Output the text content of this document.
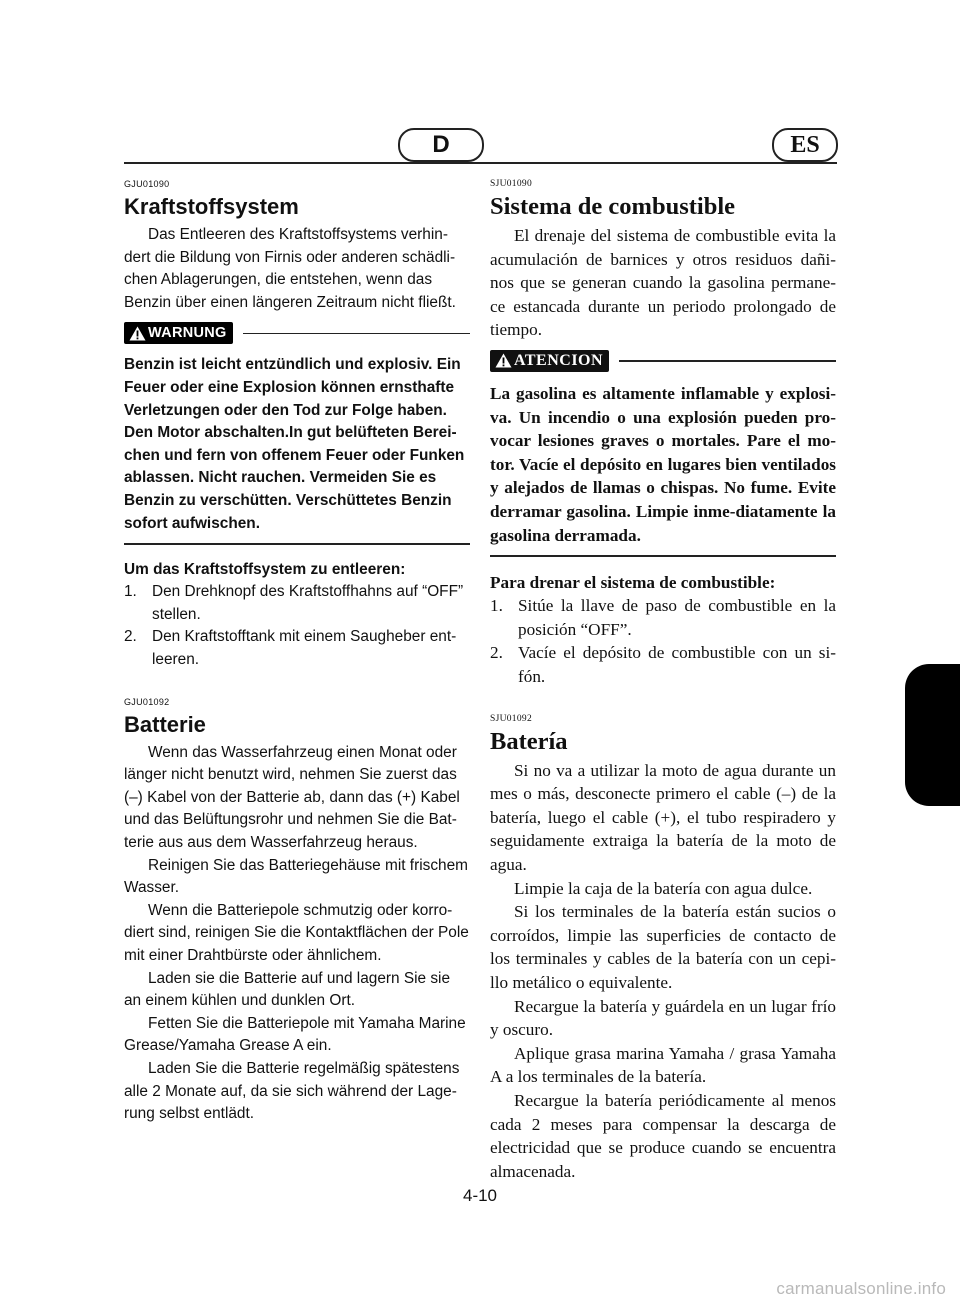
D	ES

GJU01090

Kraftstoffsystem

Das Entleeren des Kraftstoffsystems verhin-dert die Bildung von Firnis oder anderen schädli-chen Ablagerungen, die entstehen, wenn das Benzin über einen längeren Zeitraum nicht fließt.

WARNUNG

Benzin ist leicht entzündlich und explosiv. Ein Feuer oder eine Explosion können ernsthafte Verletzungen oder den Tod zur Folge haben. Den Motor abschalten.In gut belüfteten Berei-chen und fern von offenem Feuer oder Funken ablassen. Nicht rauchen. Vermeiden Sie es Benzin zu verschütten. Verschüttetes Benzin sofort aufwischen.

Um das Kraftstoffsystem zu entleeren:

1. Den Drehknopf des Kraftstoffhahns auf “OFF” stellen.
2. Den Kraftstofftank mit einem Saugheber ent-leeren.

GJU01092

Batterie

Wenn das Wasserfahrzeug einen Monat oder länger nicht benutzt wird, nehmen Sie zuerst das (–) Kabel von der Batterie ab, dann das (+) Kabel und das Belüftungsrohr und nehmen Sie die Bat-terie aus aus dem Wasserfahrzeug heraus.

Reinigen Sie das Batteriegehäuse mit frischem Wasser.

Wenn die Batteriepole schmutzig oder korro-diert sind, reinigen Sie die Kontaktflächen der Pole mit einer Drahtbürste oder ähnlichem.

Laden sie die Batterie auf und lagern Sie sie an einem kühlen und dunklen Ort.

Fetten Sie die Batteriepole mit Yamaha Marine Grease/Yamaha Grease A ein.

Laden Sie die Batterie regelmäßig spätestens alle 2 Monate auf, da sie sich während der Lage-rung selbst entlädt.

SJU01090

Sistema de combustible

El drenaje del sistema de combustible evita la acumulación de barnices y otros residuos dañi-nos que se generan cuando la gasolina permane-ce estancada durante un periodo prolongado de tiempo.

ATENCION

La gasolina es altamente inflamable y explosi-va. Un incendio o una explosión pueden pro-vocar lesiones graves o mortales. Pare el mo-tor. Vacíe el depósito en lugares bien ventilados y alejados de llamas o chispas. No fume. Evite derramar gasolina. Limpie inme-diatamente la gasolina derramada.

Para drenar el sistema de combustible:

1. Sitúe la llave de paso de combustible en la posición “OFF”.
2. Vacíe el depósito de combustible con un si-fón.

SJU01092

Batería

Si no va a utilizar la moto de agua durante un mes o más, desconecte primero el cable (–) de la batería, luego el cable (+), el tubo respiradero y seguidamente extraiga la batería de la moto de agua.

Limpie la caja de la batería con agua dulce.

Si los terminales de la batería están sucios o corroídos, limpie las superficies de contacto de los terminales y cables de la batería con un cepi-llo metálico o equivalente.

Recargue la batería y guárdela en un lugar frío y oscuro.

Aplique grasa marina Yamaha / grasa Yamaha A a los terminales de la batería.

Recargue la batería periódicamente al menos cada 2 meses para compensar la descarga de electricidad que se produce cuando se encuentra almacenada.

4-10
carmanualsonline.info
